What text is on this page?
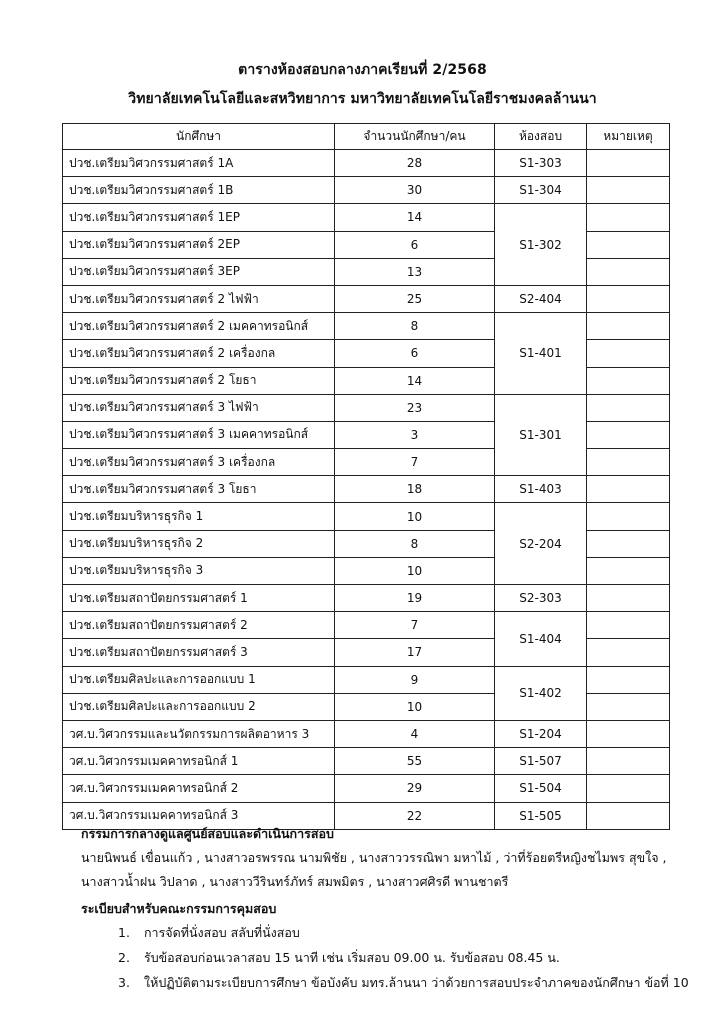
ตารางห้องสอบกลางภาคเรียนที่ 2/2568
วิทยาลัยเทคโนโลยีและสหวิทยาการ มหาวิทยาลัยเทคโนโลยีราชมงคลล้านนา
นักศึกษา	จำนวนนักศึกษา/คน	ห้องสอบ	หมายเหตุ
ปวช.เตรียมวิศวกรรมศาสตร์ 1A	28	S1-303	
ปวช.เตรียมวิศวกรรมศาสตร์ 1B	30	S1-304	
ปวช.เตรียมวิศวกรรมศาสตร์ 1EP	14	S1-302	
ปวช.เตรียมวิศวกรรมศาสตร์ 2EP	6		
ปวช.เตรียมวิศวกรรมศาสตร์ 3EP	13		
ปวช.เตรียมวิศวกรรมศาสตร์ 2 ไฟฟ้า	25	S2-404	
ปวช.เตรียมวิศวกรรมศาสตร์ 2 เมคคาทรอนิกส์	8	S1-401	
ปวช.เตรียมวิศวกรรมศาสตร์ 2 เครื่องกล	6		
ปวช.เตรียมวิศวกรรมศาสตร์ 2 โยธา	14		
ปวช.เตรียมวิศวกรรมศาสตร์ 3 ไฟฟ้า	23	S1-301	
ปวช.เตรียมวิศวกรรมศาสตร์ 3 เมคคาทรอนิกส์	3		
ปวช.เตรียมวิศวกรรมศาสตร์ 3 เครื่องกล	7		
ปวช.เตรียมวิศวกรรมศาสตร์ 3 โยธา	18	S1-403	
ปวช.เตรียมบริหารธุรกิจ 1	10	S2-204	
ปวช.เตรียมบริหารธุรกิจ 2	8		
ปวช.เตรียมบริหารธุรกิจ 3	10		
ปวช.เตรียมสถาปัตยกรรมศาสตร์ 1	19	S2-303	
ปวช.เตรียมสถาปัตยกรรมศาสตร์ 2	7	S1-404	
ปวช.เตรียมสถาปัตยกรรมศาสตร์ 3	17		
ปวช.เตรียมศิลปะและการออกแบบ 1	9	S1-402	
ปวช.เตรียมศิลปะและการออกแบบ 2	10		
วศ.บ.วิศวกรรมและนวัตกรรมการผลิตอาหาร 3	4	S1-204	
วศ.บ.วิศวกรรมเมคคาทรอนิกส์ 1	55	S1-507	
วศ.บ.วิศวกรรมเมคคาทรอนิกส์ 2	29	S1-504	
วศ.บ.วิศวกรรมเมคคาทรอนิกส์ 3	22	S1-505	
กรรมการกลางดูแลศูนย์สอบและดำเนินการสอบ
นายนิพนธ์ เขื่อนแก้ว , นางสาวอรพรรณ นามพิชัย , นางสาววรรณิพา มหาไม้ , ว่าที่ร้อยตรีหญิงชไมพร สุขใจ ,
นางสาวน้ำฝน วิปลาด , นางสาววีรินทร์ภัทร์ สมพมิตร , นางสาวศศิรดี พานชาตรี
ระเบียบสำหรับคณะกรรมการคุมสอบ
1. การจัดที่นั่งสอบ สลับที่นั่งสอบ
2. รับข้อสอบก่อนเวลาสอบ 15 นาที เช่น เริ่มสอบ 09.00 น. รับข้อสอบ 08.45 น.
3. ให้ปฏิบัติตามระเบียบการศึกษา ข้อบังคับ มทร.ล้านนา ว่าด้วยการสอบประจำภาคของนักศึกษา ข้อที่ 10
